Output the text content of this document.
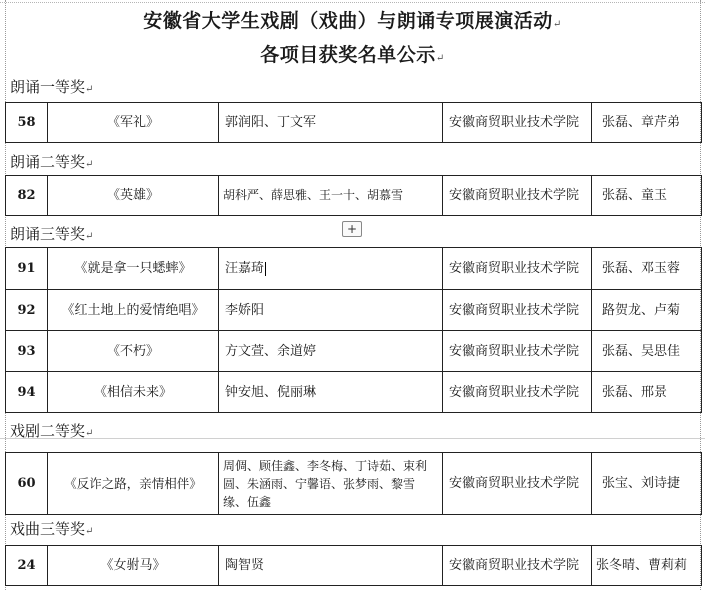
安徽省大学生戏剧（戏曲）与朗诵专项展演活动↵
各项目获奖名单公示↵
朗诵一等奖↵
58	《军礼》	郭润阳、丁文军	安徽商贸职业技术学院	张磊、章芹弟
朗诵二等奖↵
82	《英雄》	胡科严、薛思雅、王一十、胡慕雪	安徽商贸职业技术学院	张磊、童玉
+
朗诵三等奖↵
91	《就是拿一只蟋蟀》	汪嘉琦	安徽商贸职业技术学院	张磊、邓玉蓉
92	《红土地上的爱情绝唱》	李娇阳	安徽商贸职业技术学院	路贺龙、卢菊
93	《不朽》	方文萱、余道婷	安徽商贸职业技术学院	张磊、吴思佳
94	《相信未来》	钟安旭、倪丽琳	安徽商贸职业技术学院	张磊、邢景
戏剧二等奖↵
60	《反诈之路，亲情相伴》	周倜、顾佳鑫、李冬梅、丁诗茹、束利圆、朱涵雨、宁馨语、张梦雨、黎雪缘、伍鑫	安徽商贸职业技术学院	张宝、刘诗捷
戏曲三等奖↵
24	《女驸马》	陶智贤	安徽商贸职业技术学院	张冬晴、曹莉莉
